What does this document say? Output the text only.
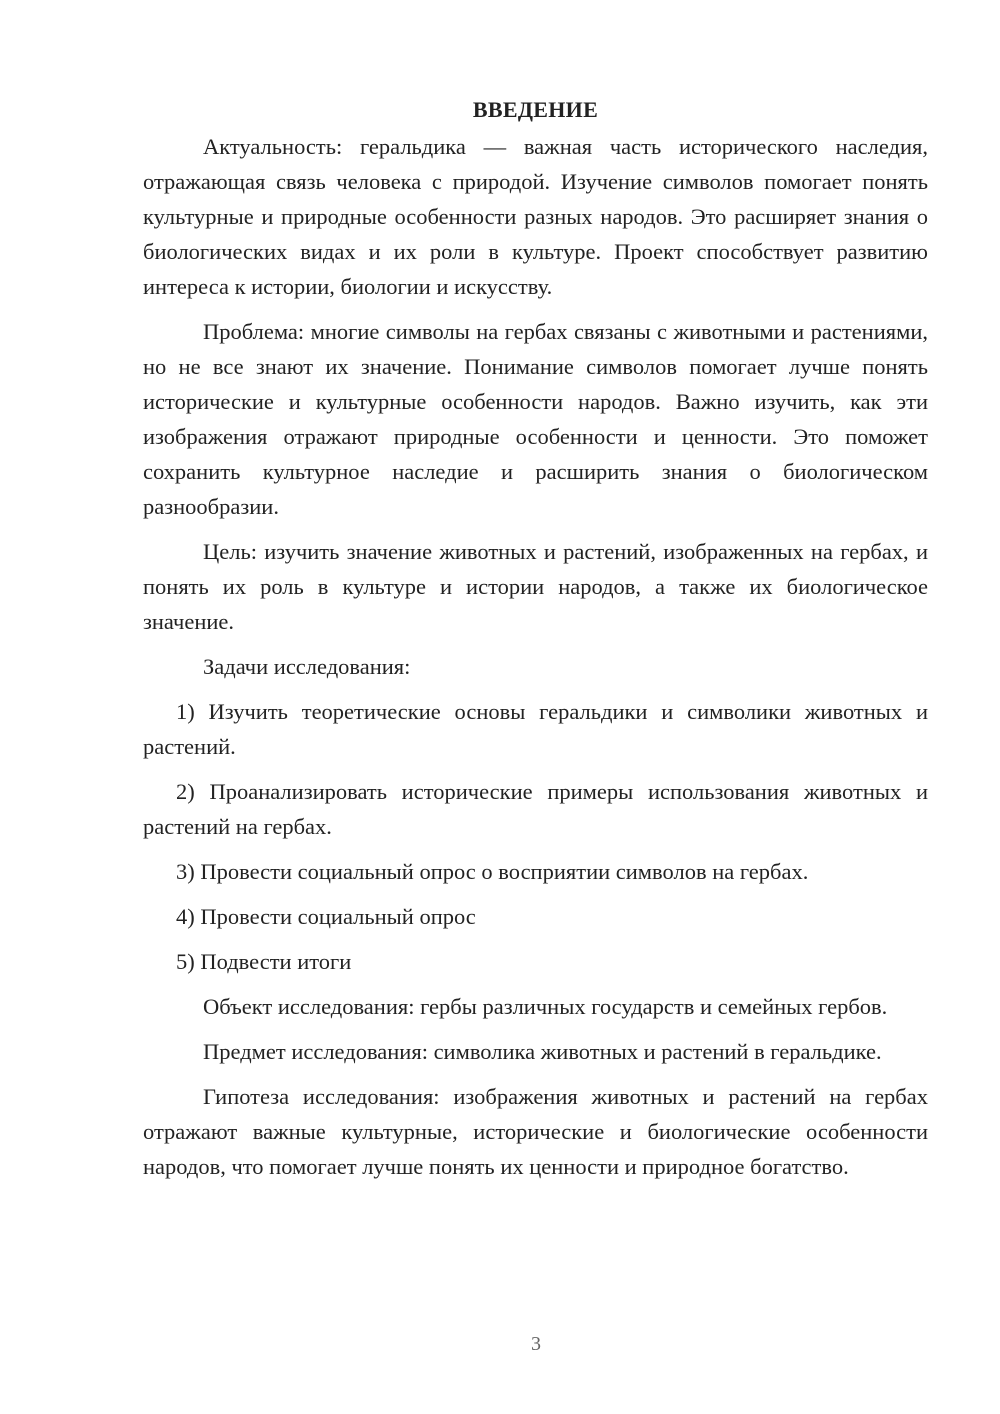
ВВЕДЕНИЕ

Актуальность: геральдика — важная часть исторического наследия, отражающая связь человека с природой. Изучение символов помогает понять культурные и природные особенности разных народов. Это расширяет знания о биологических видах и их роли в культуре. Проект способствует развитию интереса к истории, биологии и искусству.

Проблема: многие символы на гербах связаны с животными и растениями, но не все знают их значение. Понимание символов помогает лучше понять исторические и культурные особенности народов. Важно изучить, как эти изображения отражают природные особенности и ценности. Это поможет сохранить культурное наследие и расширить знания о биологическом разнообразии.

Цель: изучить значение животных и растений, изображенных на гербах, и понять их роль в культуре и истории народов, а также их биологическое значение.

Задачи исследования:

1) Изучить теоретические основы геральдики и символики животных и растений.

2) Проанализировать исторические примеры использования животных и растений на гербах.

3) Провести социальный опрос о восприятии символов на гербах.

4) Провести социальный опрос

5) Подвести итоги

Объект исследования: гербы различных государств и семейных гербов.

Предмет исследования: символика животных и растений в геральдике.

Гипотеза исследования: изображения животных и растений на гербах отражают важные культурные, исторические и биологические особенности народов, что помогает лучше понять их ценности и природное богатство.

3
